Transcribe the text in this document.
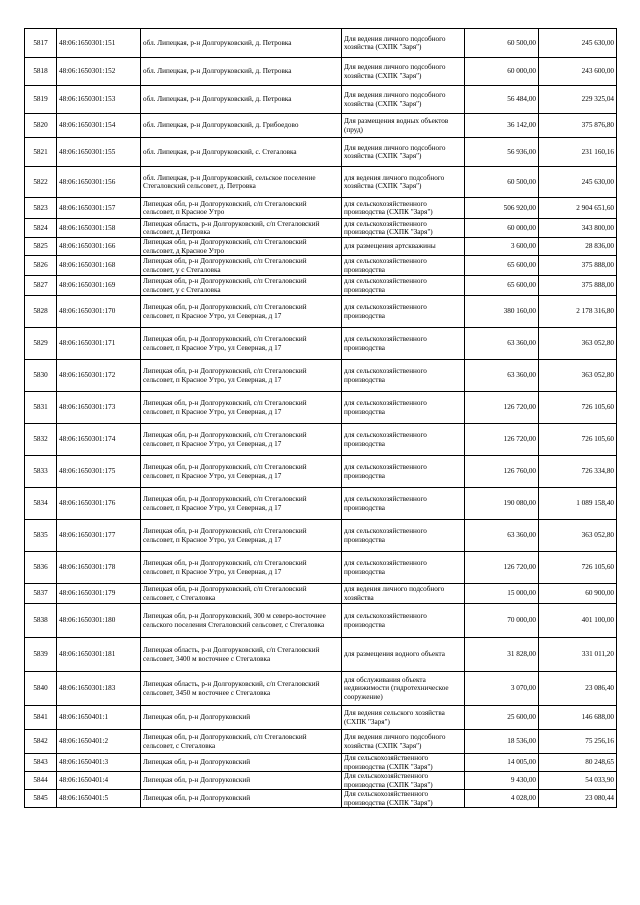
5817	48:06:1650301:151	обл. Липецкая, р-н Долгоруковский, д. Петровка	Для ведения личного подсобного хозяйства (СХПК "Заря")	60 500,00	245 630,00
5818	48:06:1650301:152	обл. Липецкая, р-н Долгоруковский, д. Петровка	Для ведения личного подсобного хозяйства (СХПК "Заря")	60 000,00	243 600,00
5819	48:06:1650301:153	обл. Липецкая, р-н Долгоруковский, д. Петровка	Для ведения личного подсобного хозяйства (СХПК "Заря")	56 484,00	229 325,04
5820	48:06:1650301:154	обл. Липецкая, р-н Долгоруковский, д. Грибоедово	Для размещения водных объектов (пруд)	36 142,00	375 876,80
5821	48:06:1650301:155	обл. Липецкая, р-н Долгоруковский, с. Стегаловка	Для ведения личного подсобного хозяйства (СХПК "Заря")	56 936,00	231 160,16
5822	48:06:1650301:156	обл. Липецкая, р-н Долгоруковский, сельское поселение Стегаловский сельсовет, д. Петровка	для ведения личного подсобного хозяйства (СХПК "Заря")	60 500,00	245 630,00
5823	48:06:1650301:157	Липецкая обл, р-н Долгоруковский, с/п Стегаловский сельсовет, п Красное Утро	для сельскохозяйственного производства (СХПК "Заря")	506 920,00	2 904 651,60
5824	48:06:1650301:158	Липецкая область, р-н Долгоруковский, с/п Стегаловский сельсовет, д Петровка	для сельскохозяйственного производства (СХПК "Заря")	60 000,00	343 800,00
5825	48:06:1650301:166	Липецкая обл, р-н Долгоруковский, с/п Стегаловский сельсовет, д Красное Утро	для размещения артскважины	3 600,00	28 836,00
5826	48:06:1650301:168	Липецкая обл, р-н Долгоруковский, с/п Стегаловский сельсовет, у с Стегаловка	для сельскохозяйственного производства	65 600,00	375 888,00
5827	48:06:1650301:169	Липецкая обл, р-н Долгоруковский, с/п Стегаловский сельсовет, у с Стегаловка	для сельскохозяйственного производства	65 600,00	375 888,00
5828	48:06:1650301:170	Липецкая обл, р-н Долгоруковский, с/п Стегаловский сельсовет, п Красное Утро, ул Северная, д 17	для сельскохозяйственного производства	380 160,00	2 178 316,80
5829	48:06:1650301:171	Липецкая обл, р-н Долгоруковский, с/п Стегаловский сельсовет, п Красное Утро, ул Северная, д 17	для сельскохозяйственного производства	63 360,00	363 052,80
5830	48:06:1650301:172	Липецкая обл, р-н Долгоруковский, с/п Стегаловский сельсовет, п Красное Утро, ул Северная, д 17	для сельскохозяйственного производства	63 360,00	363 052,80
5831	48:06:1650301:173	Липецкая обл, р-н Долгоруковский, с/п Стегаловский сельсовет, п Красное Утро, ул Северная, д 17	для сельскохозяйственного производства	126 720,00	726 105,60
5832	48:06:1650301:174	Липецкая обл, р-н Долгоруковский, с/п Стегаловский сельсовет, п Красное Утро, ул Северная, д 17	для сельскохозяйственного производства	126 720,00	726 105,60
5833	48:06:1650301:175	Липецкая обл, р-н Долгоруковский, с/п Стегаловский сельсовет, п Красное Утро, ул Северная, д 17	для сельскохозяйственного производства	126 760,00	726 334,80
5834	48:06:1650301:176	Липецкая обл, р-н Долгоруковский, с/п Стегаловский сельсовет, п Красное Утро, ул Северная, д 17	для сельскохозяйственного производства	190 080,00	1 089 158,40
5835	48:06:1650301:177	Липецкая обл, р-н Долгоруковский, с/п Стегаловский сельсовет, п Красное Утро, ул Северная, д 17	для сельскохозяйственного производства	63 360,00	363 052,80
5836	48:06:1650301:178	Липецкая обл, р-н Долгоруковский, с/п Стегаловский сельсовет, п Красное Утро, ул Северная, д 17	для сельскохозяйственного производства	126 720,00	726 105,60
5837	48:06:1650301:179	Липецкая обл, р-н Долгоруковский, с/п Стегаловский сельсовет, с Стегаловка	для ведения личного подсобного хозяйства	15 000,00	60 900,00
5838	48:06:1650301:180	Липецкая обл, р-н Долгоруковский, 300 м северо-восточнее сельского поселения Стегаловский сельсовет, с Стегаловка	для сельскохозяйственного производства	70 000,00	401 100,00
5839	48:06:1650301:181	Липецкая область, р-н Долгоруковский, с/п Стегаловский сельсовет, 3400 м восточнее с Стегаловка	для размещения водного объекта	31 828,00	331 011,20
5840	48:06:1650301:183	Липецкая область, р-н Долгоруковский, с/п Стегаловский сельсовет, 3450 м восточнее с Стегаловка	для обслуживания объекта недвижимости (гидротехническое сооружение)	3 070,00	23 086,40
5841	48:06:1650401:1	Липецкая обл, р-н Долгоруковский	Для ведения сельского хозяйства (СХПК "Заря")	25 600,00	146 688,00
5842	48:06:1650401:2	Липецкая обл, р-н Долгоруковский, с/п Стегаловский сельсовет, с Стегаловка	Для ведения личного подсобного хозяйства (СХПК "Заря")	18 536,00	75 256,16
5843	48:06:1650401:3	Липецкая обл, р-н Долгоруковский	Для сельскохозяйственного производства (СХПК "Заря")	14 005,00	80 248,65
5844	48:06:1650401:4	Липецкая обл, р-н Долгоруковский	Для сельскохозяйственного производства (СХПК "Заря")	9 430,00	54 033,90
5845	48:06:1650401:5	Липецкая обл, р-н Долгоруковский	Для сельскохозяйственного производства (СХПК "Заря")	4 028,00	23 080,44
